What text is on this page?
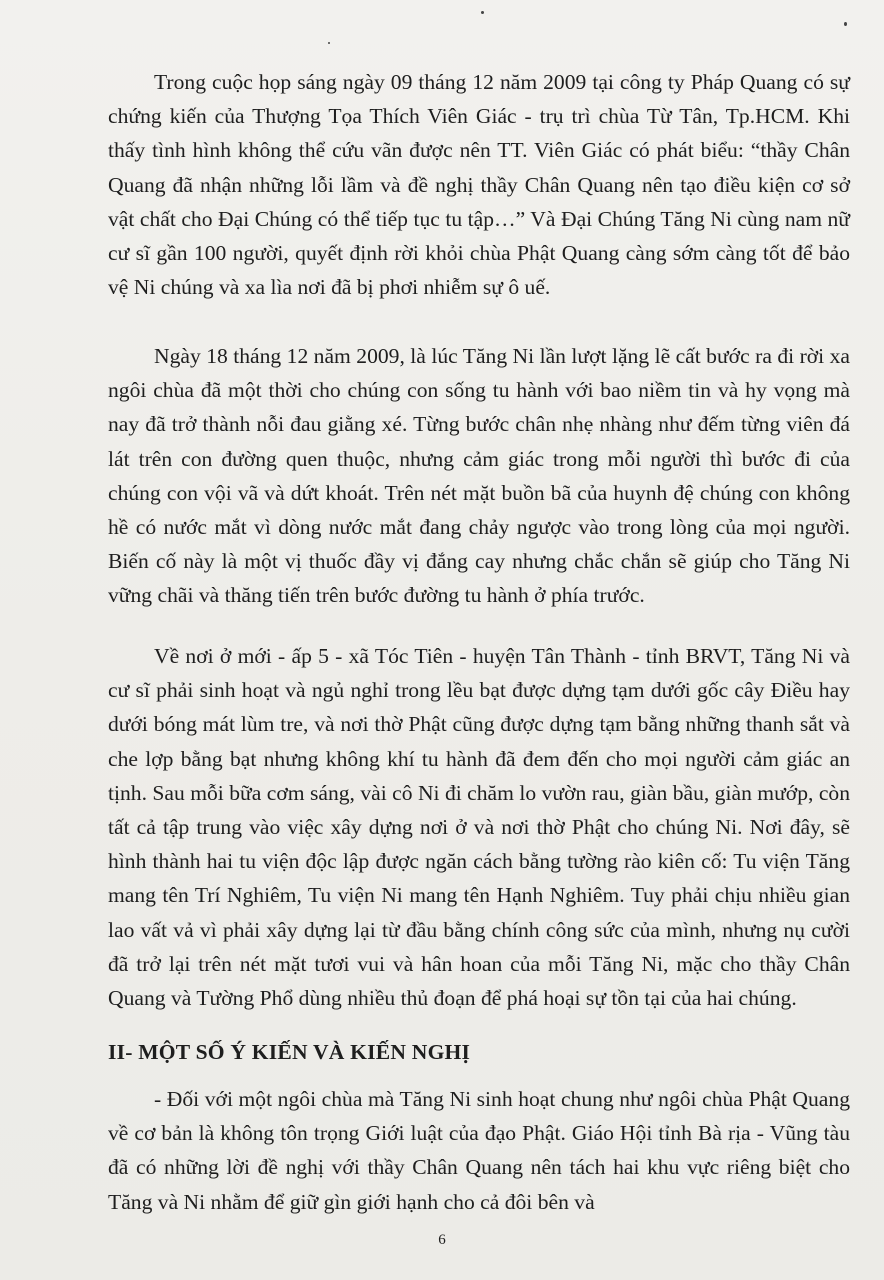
Trong cuộc họp sáng ngày 09 tháng 12 năm 2009 tại công ty Pháp Quang có sự chứng kiến của Thượng Tọa Thích Viên Giác - trụ trì chùa Từ Tân, Tp.HCM. Khi thấy tình hình không thể cứu vãn được nên TT. Viên Giác có phát biểu: “thầy Chân Quang đã nhận những lỗi lầm và đề nghị thầy Chân Quang nên tạo điều kiện cơ sở vật chất cho Đại Chúng có thể tiếp tục tu tập…” Và Đại Chúng Tăng Ni cùng nam nữ cư sĩ gần 100 người, quyết định rời khỏi chùa Phật Quang càng sớm càng tốt để bảo vệ Ni chúng và xa lìa nơi đã bị phơi nhiễm sự ô uế.

Ngày 18 tháng 12 năm 2009, là lúc Tăng Ni lần lượt lặng lẽ cất bước ra đi rời xa ngôi chùa đã một thời cho chúng con sống tu hành với bao niềm tin và hy vọng mà nay đã trở thành nỗi đau giằng xé. Từng bước chân nhẹ nhàng như đếm từng viên đá lát trên con đường quen thuộc, nhưng cảm giác trong mỗi người thì bước đi của chúng con vội vã và dứt khoát. Trên nét mặt buồn bã của huynh đệ chúng con không hề có nước mắt vì dòng nước mắt đang chảy ngược vào trong lòng của mọi người. Biến cố này là một vị thuốc đầy vị đắng cay nhưng chắc chắn sẽ giúp cho Tăng Ni vững chãi và thăng tiến trên bước đường tu hành ở phía trước.

Về nơi ở mới - ấp 5 - xã Tóc Tiên - huyện Tân Thành - tỉnh BRVT, Tăng Ni và cư sĩ phải sinh hoạt và ngủ nghỉ trong lều bạt được dựng tạm dưới gốc cây Điều hay dưới bóng mát lùm tre, và nơi thờ Phật cũng được dựng tạm bằng những thanh sắt và che lợp bằng bạt nhưng không khí tu hành đã đem đến cho mọi người cảm giác an tịnh. Sau mỗi bữa cơm sáng, vài cô Ni đi chăm lo vườn rau, giàn bầu, giàn mướp, còn tất cả tập trung vào việc xây dựng nơi ở và nơi thờ Phật cho chúng Ni. Nơi đây, sẽ hình thành hai tu viện độc lập được ngăn cách bằng tường rào kiên cố: Tu viện Tăng mang tên Trí Nghiêm, Tu viện Ni mang tên Hạnh Nghiêm. Tuy phải chịu nhiều gian lao vất vả vì phải xây dựng lại từ đầu bằng chính công sức của mình, nhưng nụ cười đã trở lại trên nét mặt tươi vui và hân hoan của mỗi Tăng Ni, mặc cho thầy Chân Quang và Tường Phổ dùng nhiều thủ đoạn để phá hoại sự tồn tại của hai chúng.

II- MỘT SỐ Ý KIẾN VÀ KIẾN NGHỊ

- Đối với một ngôi chùa mà Tăng Ni sinh hoạt chung như ngôi chùa Phật Quang về cơ bản là không tôn trọng Giới luật của đạo Phật. Giáo Hội tỉnh Bà rịa - Vũng tàu đã có những lời đề nghị với thầy Chân Quang nên tách hai khu vực riêng biệt cho Tăng và Ni nhằm để giữ gìn giới hạnh cho cả đôi bên và

6
